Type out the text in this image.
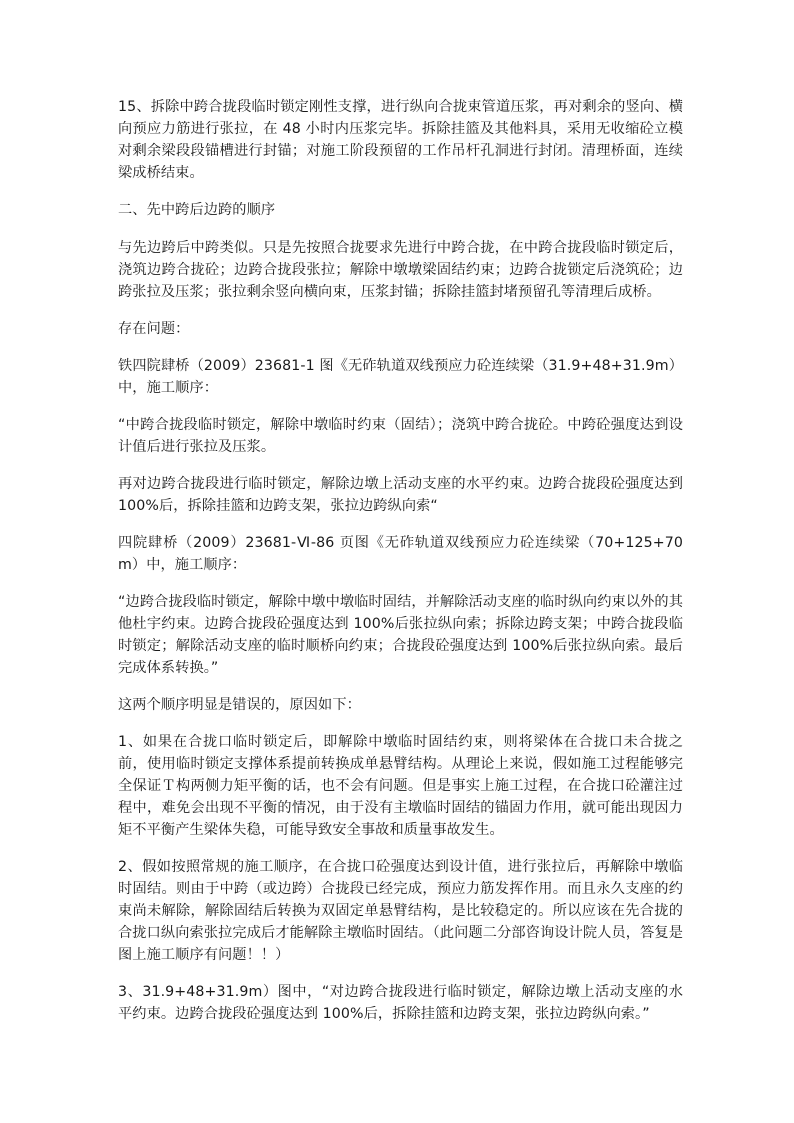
15、拆除中跨合拢段临时锁定刚性支撑，进行纵向合拢束管道压浆，再对剩余的竖向、横向预应力筋进行张拉，在 48 小时内压浆完毕。拆除挂篮及其他料具，采用无收缩砼立模对剩余梁段段锚槽进行封锚；对施工阶段预留的工作吊杆孔洞进行封闭。清理桥面，连续梁成桥结束。

二、先中跨后边跨的顺序

与先边跨后中跨类似。只是先按照合拢要求先进行中跨合拢，在中跨合拢段临时锁定后，浇筑边跨合拢砼；边跨合拢段张拉；解除中墩墩梁固结约束；边跨合拢锁定后浇筑砼；边跨张拉及压浆；张拉剩余竖向横向束，压浆封锚；拆除挂篮封堵预留孔等清理后成桥。

存在问题：

铁四院肆桥（2009）23681-1 图《无砟轨道双线预应力砼连续梁（31.9+48+31.9m）中，施工顺序：

“中跨合拢段临时锁定，解除中墩临时约束（固结）；浇筑中跨合拢砼。中跨砼强度达到设计值后进行张拉及压浆。

再对边跨合拢段进行临时锁定，解除边墩上活动支座的水平约束。边跨合拢段砼强度达到 100%后，拆除挂篮和边跨支架，张拉边跨纵向索“

四院肆桥（2009）23681-Ⅵ-86 页图《无砟轨道双线预应力砼连续梁（70+125+70m）中，施工顺序：

“边跨合拢段临时锁定，解除中墩中墩临时固结，并解除活动支座的临时纵向约束以外的其他杜宇约束。边跨合拢段砼强度达到 100%后张拉纵向索；拆除边跨支架；中跨合拢段临时锁定；解除活动支座的临时顺桥向约束；合拢段砼强度达到 100%后张拉纵向索。最后完成体系转换。”

这两个顺序明显是错误的，原因如下：

1、如果在合拢口临时锁定后，即解除中墩临时固结约束，则将梁体在合拢口未合拢之前，使用临时锁定支撑体系提前转换成单悬臂结构。从理论上来说，假如施工过程能够完全保证Ｔ构两侧力矩平衡的话，也不会有问题。但是事实上施工过程，在合拢口砼灌注过程中，难免会出现不平衡的情况，由于没有主墩临时固结的锚固力作用，就可能出现因力矩不平衡产生梁体失稳，可能导致安全事故和质量事故发生。

2、假如按照常规的施工顺序，在合拢口砼强度达到设计值，进行张拉后，再解除中墩临时固结。则由于中跨（或边跨）合拢段已经完成，预应力筋发挥作用。而且永久支座的约束尚未解除，解除固结后转换为双固定单悬臂结构，是比较稳定的。所以应该在先合拢的合拢口纵向索张拉完成后才能解除主墩临时固结。（此问题二分部咨询设计院人员，答复是图上施工顺序有问题！！）

3、31.9+48+31.9m）图中，“对边跨合拢段进行临时锁定，解除边墩上活动支座的水平约束。边跨合拢段砼强度达到 100%后，拆除挂篮和边跨支架，张拉边跨纵向索。”
